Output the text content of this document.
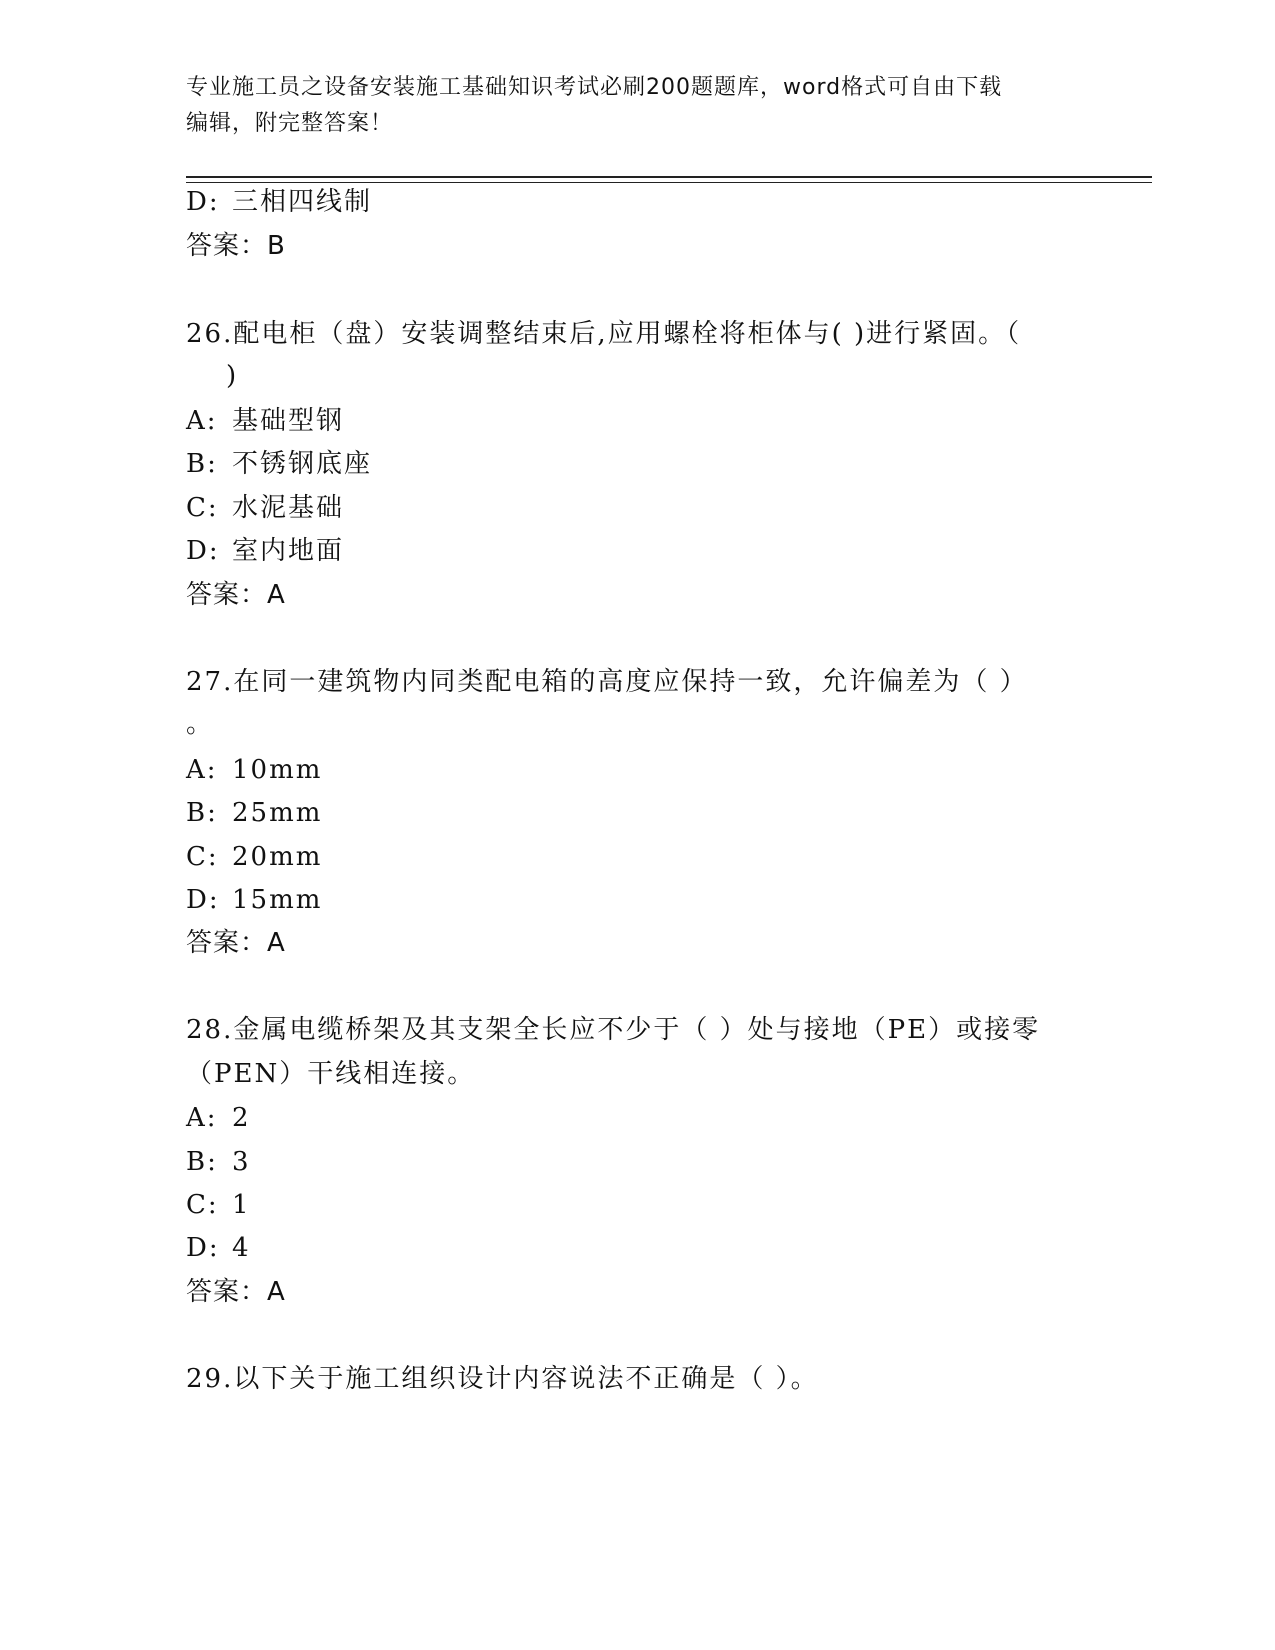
专业施工员之设备安装施工基础知识考试必刷200题题库，word格式可自由下载
编辑，附完整答案！
D: 三相四线制
答案：B
26.配电柜（盘）安装调整结束后,应用螺栓将柜体与( )进行紧固。（
)
A: 基础型钢
B: 不锈钢底座
C: 水泥基础
D: 室内地面
答案：A
27.在同一建筑物内同类配电箱的高度应保持一致，允许偏差为（ ）
。
A: 10mm
B: 25mm
C: 20mm
D: 15mm
答案：A
28.金属电缆桥架及其支架全长应不少于（ ）处与接地（PE）或接零
（PEN）干线相连接。
A: 2
B: 3
C: 1
D: 4
答案：A
29.以下关于施工组织设计内容说法不正确是（ ）。
